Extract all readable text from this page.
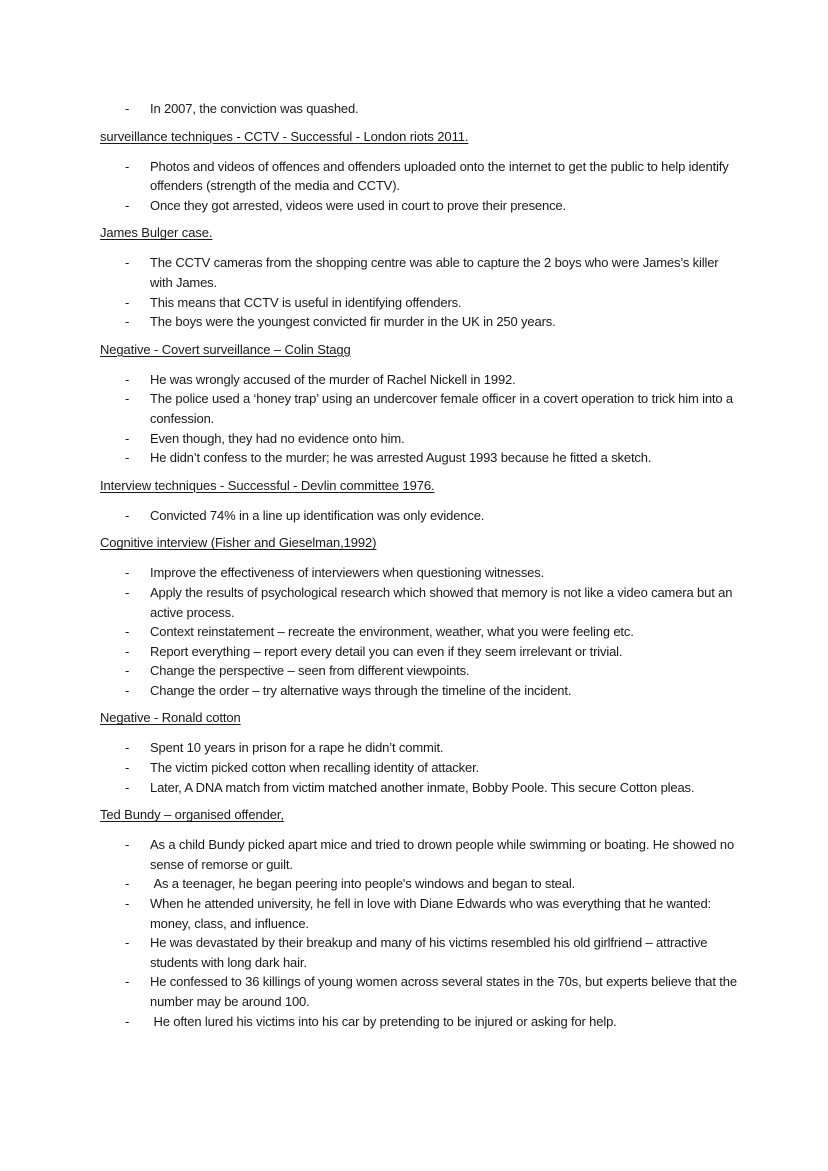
- In 2007, the conviction was quashed.

surveillance techniques - CCTV - Successful - London riots 2011.

- Photos and videos of offences and offenders uploaded onto the internet to get the public to help identify offenders (strength of the media and CCTV).
- Once they got arrested, videos were used in court to prove their presence.

James Bulger case.

- The CCTV cameras from the shopping centre was able to capture the 2 boys who were James’s killer with James.
- This means that CCTV is useful in identifying offenders.
- The boys were the youngest convicted fir murder in the UK in 250 years.

Negative - Covert surveillance – Colin Stagg

- He was wrongly accused of the murder of Rachel Nickell in 1992.
- The police used a ‘honey trap’ using an undercover female officer in a covert operation to trick him into a confession.
- Even though, they had no evidence onto him.
- He didn’t confess to the murder; he was arrested August 1993 because he fitted a sketch.

Interview techniques - Successful - Devlin committee 1976.

- Convicted 74% in a line up identification was only evidence.

Cognitive interview (Fisher and Gieselman,1992)

- Improve the effectiveness of interviewers when questioning witnesses.
- Apply the results of psychological research which showed that memory is not like a video camera but an active process.
- Context reinstatement – recreate the environment, weather, what you were feeling etc.
- Report everything – report every detail you can even if they seem irrelevant or trivial.
- Change the perspective – seen from different viewpoints.
- Change the order – try alternative ways through the timeline of the incident.

Negative - Ronald cotton

- Spent 10 years in prison for a rape he didn’t commit.
- The victim picked cotton when recalling identity of attacker.
- Later, A DNA match from victim matched another inmate, Bobby Poole. This secure Cotton pleas.

Ted Bundy – organised offender,

- As a child Bundy picked apart mice and tried to drown people while swimming or boating. He showed no sense of remorse or guilt.
- As a teenager, he began peering into people's windows and began to steal.
- When he attended university, he fell in love with Diane Edwards who was everything that he wanted: money, class, and influence.
- He was devastated by their breakup and many of his victims resembled his old girlfriend – attractive students with long dark hair.
- He confessed to 36 killings of young women across several states in the 70s, but experts believe that the number may be around 100.
- He often lured his victims into his car by pretending to be injured or asking for help.
